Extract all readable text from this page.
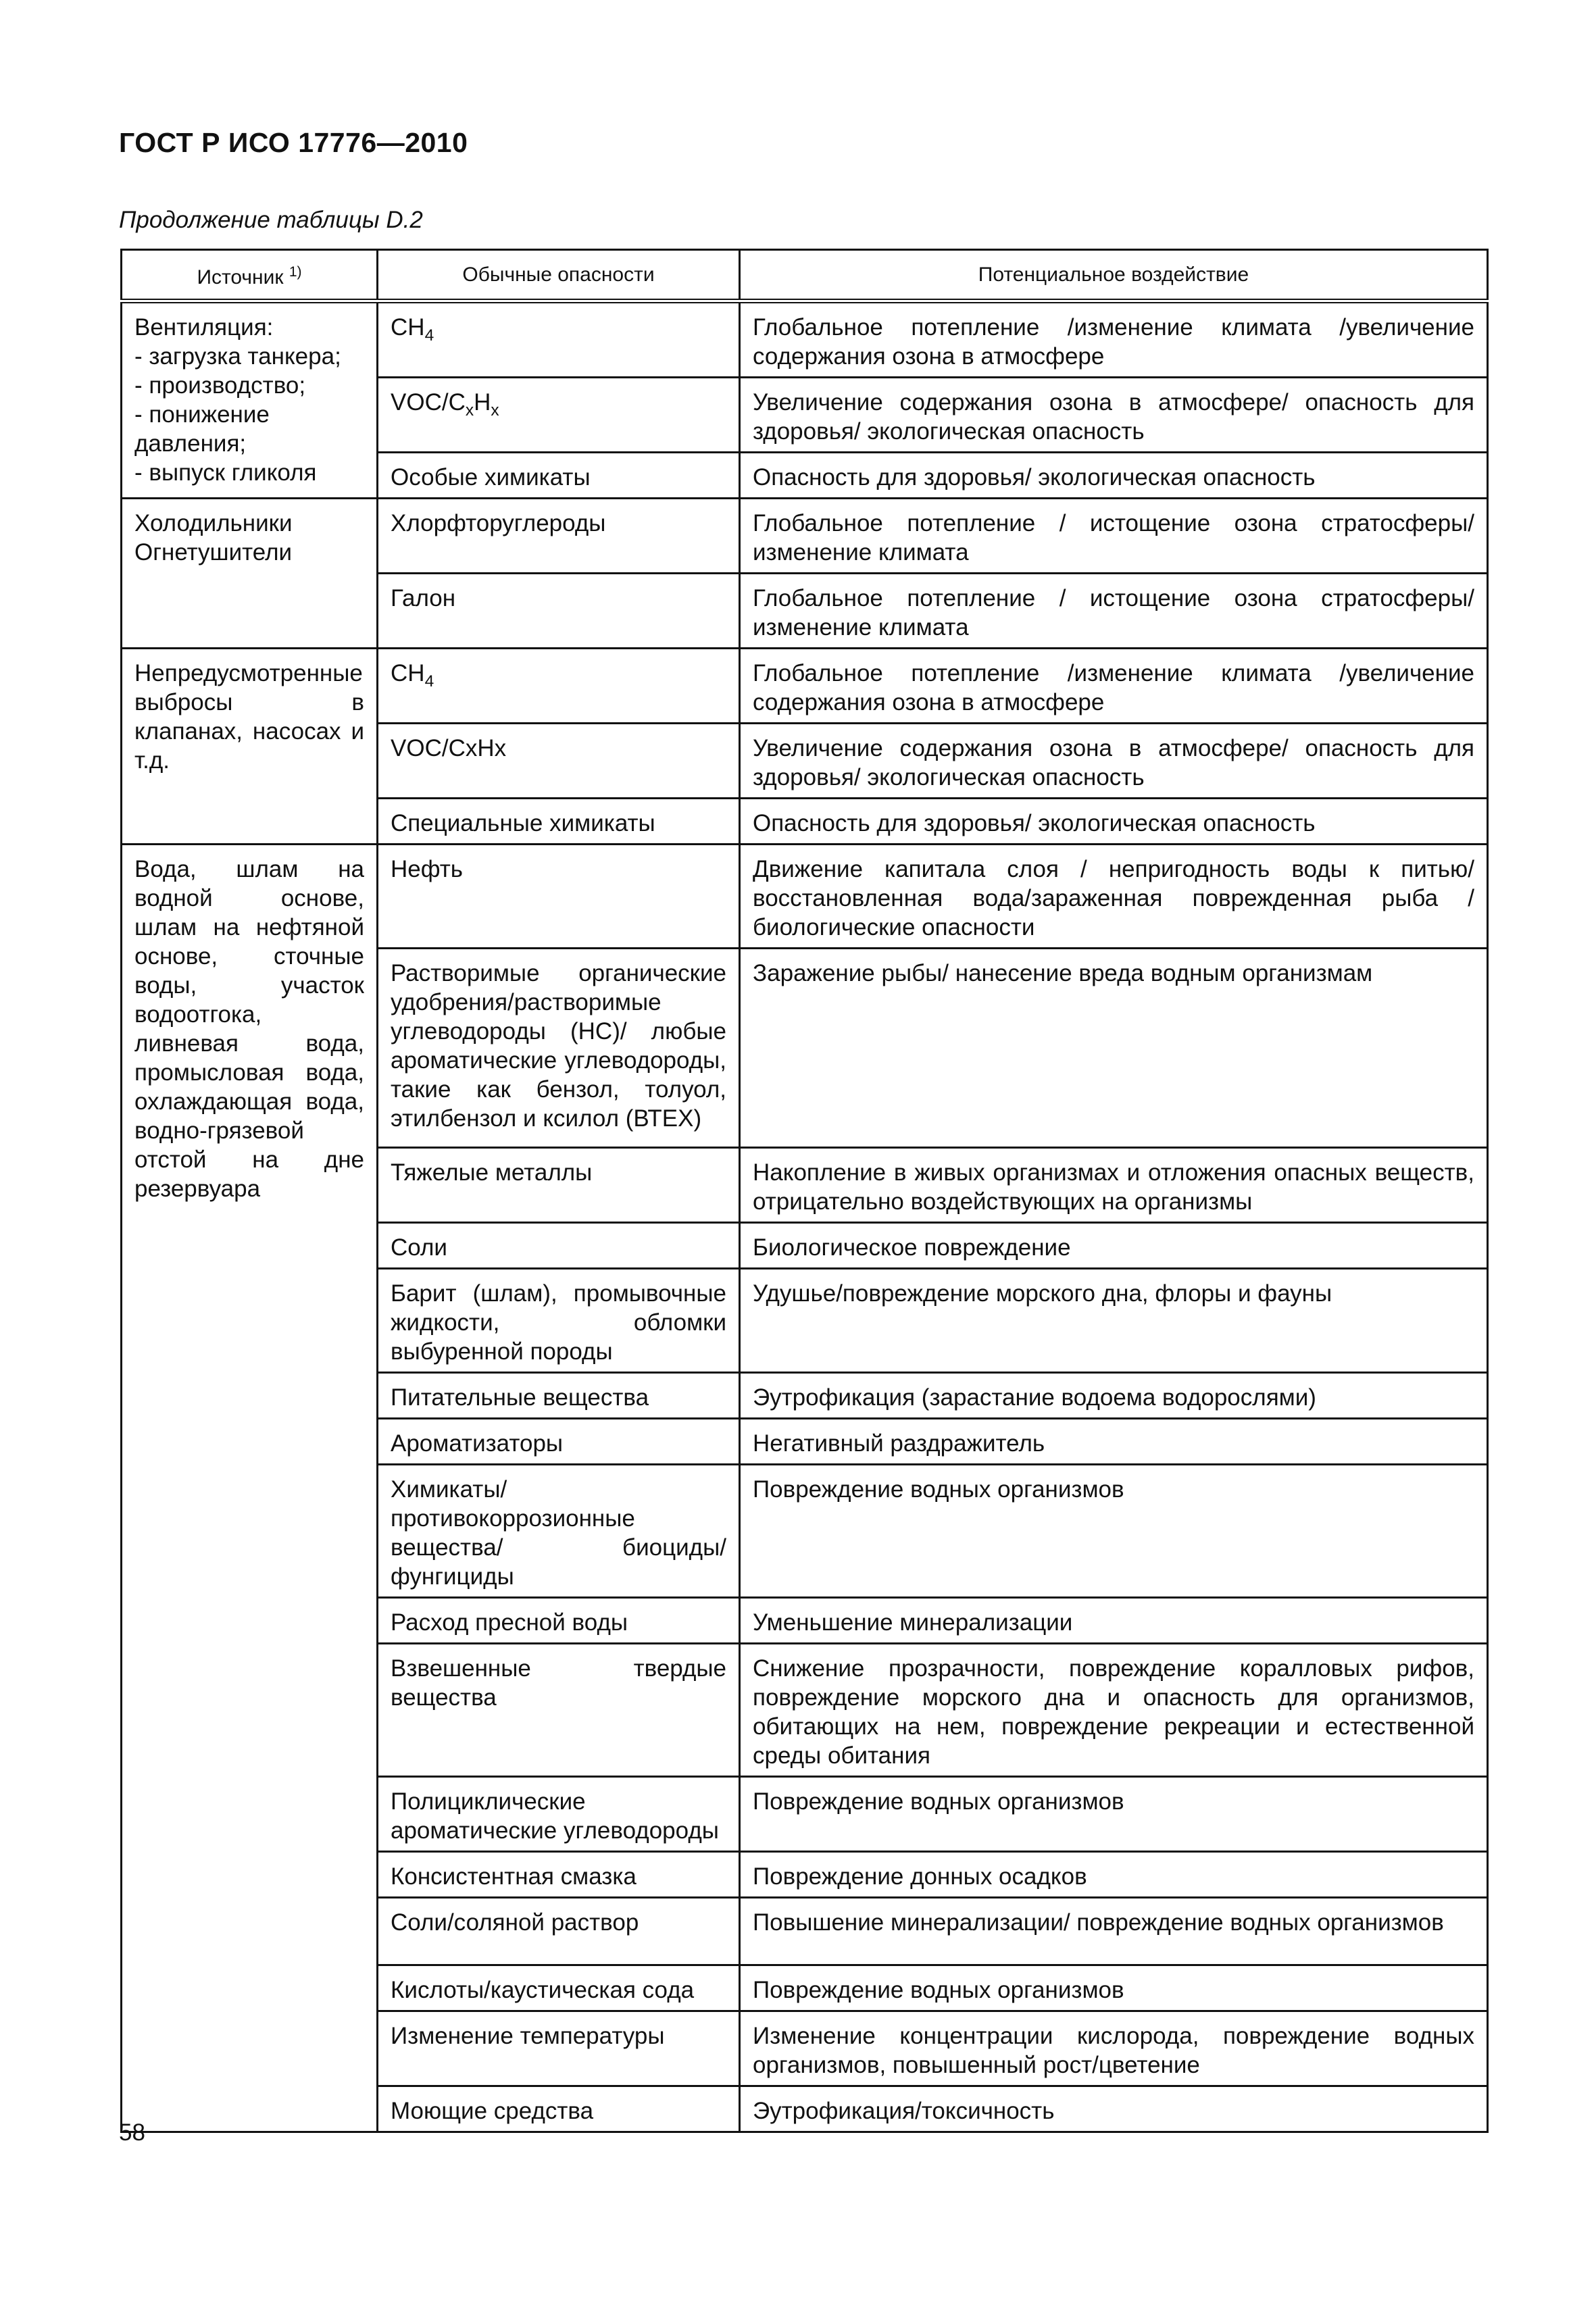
ГОСТ Р ИСО 17776—2010
Продолжение таблицы D.2
Источник $^{1)}$	Обычные опасности	Потенциальное воздействие
Вентиляция:
- загрузка танкера;
- производство;
- понижение давления;
- выпуск гликоля	$CH_4$	Глобальное потепление /изменение климата /увеличение содержания озона в атмосфере
	VOC/$C_xH_x$	Увеличение содержания озона в атмосфере/ опасность для здоровья/ экологическая опасность
	Особые химикаты	Опасность для здоровья/ экологическая опасность
Холодильники Огнетушители	Хлорфторуглероды	Глобальное потепление / истощение озона стратосферы/ изменение климата
	Галон	Глобальное потепление / истощение озона стратосферы/ изменение климата
Непредусмотренные выбросы в клапанах, насосах и т.д.	$CH_4$	Глобальное потепление /изменение климата /увеличение содержания озона в атмосфере
	VOC/CxHx	Увеличение содержания озона в атмосфере/ опасность для здоровья/ экологическая опасность
	Специальные химикаты	Опасность для здоровья/ экологическая опасность
Вода, шлам на водной основе, шлам на нефтяной основе, сточные воды, участок водоотгока, ливневая вода, промысловая вода, охлаждающая вода, водно-грязевой отстой на дне резервуара	Нефть	Движение капитала слоя / непригодность воды к питью/ восстановленная вода/зараженная поврежденная рыба / биологические опасности
	Растворимые органические удобрения/растворимые углеводороды (НС)/ любые ароматические углеводороды, такие как бензол, толуол, этилбензол и ксилол (ВТЕХ)	Заражение рыбы/ нанесение вреда водным организмам
	Тяжелые металлы	Накопление в живых организмах и отложения опасных веществ, отрицательно воздействующих на организмы
	Соли	Биологическое повреждение
	Барит (шлам), промывочные жидкости, обломки выбуренной породы	Удушье/повреждение морского дна, флоры и фауны
	Питательные вещества	Эутрофикация (зарастание водоема водорослями)
	Ароматизаторы	Негативный раздражитель
	Химикаты/ противокоррозионные вещества/ биоциды/ фунгициды	Повреждение водных организмов
	Расход пресной воды	Уменьшение минерализации
	Взвешенные твердые вещества	Снижение прозрачности, повреждение коралловых рифов, повреждение морского дна и опасность для организмов, обитающих на нем, повреждение рекреации и естественной среды обитания
	Полициклические ароматические углеводороды	Повреждение водных организмов
	Консистентная смазка	Повреждение донных осадков
	Соли/соляной раствор	Повышение минерализации/ повреждение водных организмов
	Кислоты/каустическая сода	Повреждение водных организмов
	Изменение температуры	Изменение концентрации кислорода, повреждение водных организмов, повышенный рост/цветение
	Моющие средства	Эутрофикация/токсичность
58
